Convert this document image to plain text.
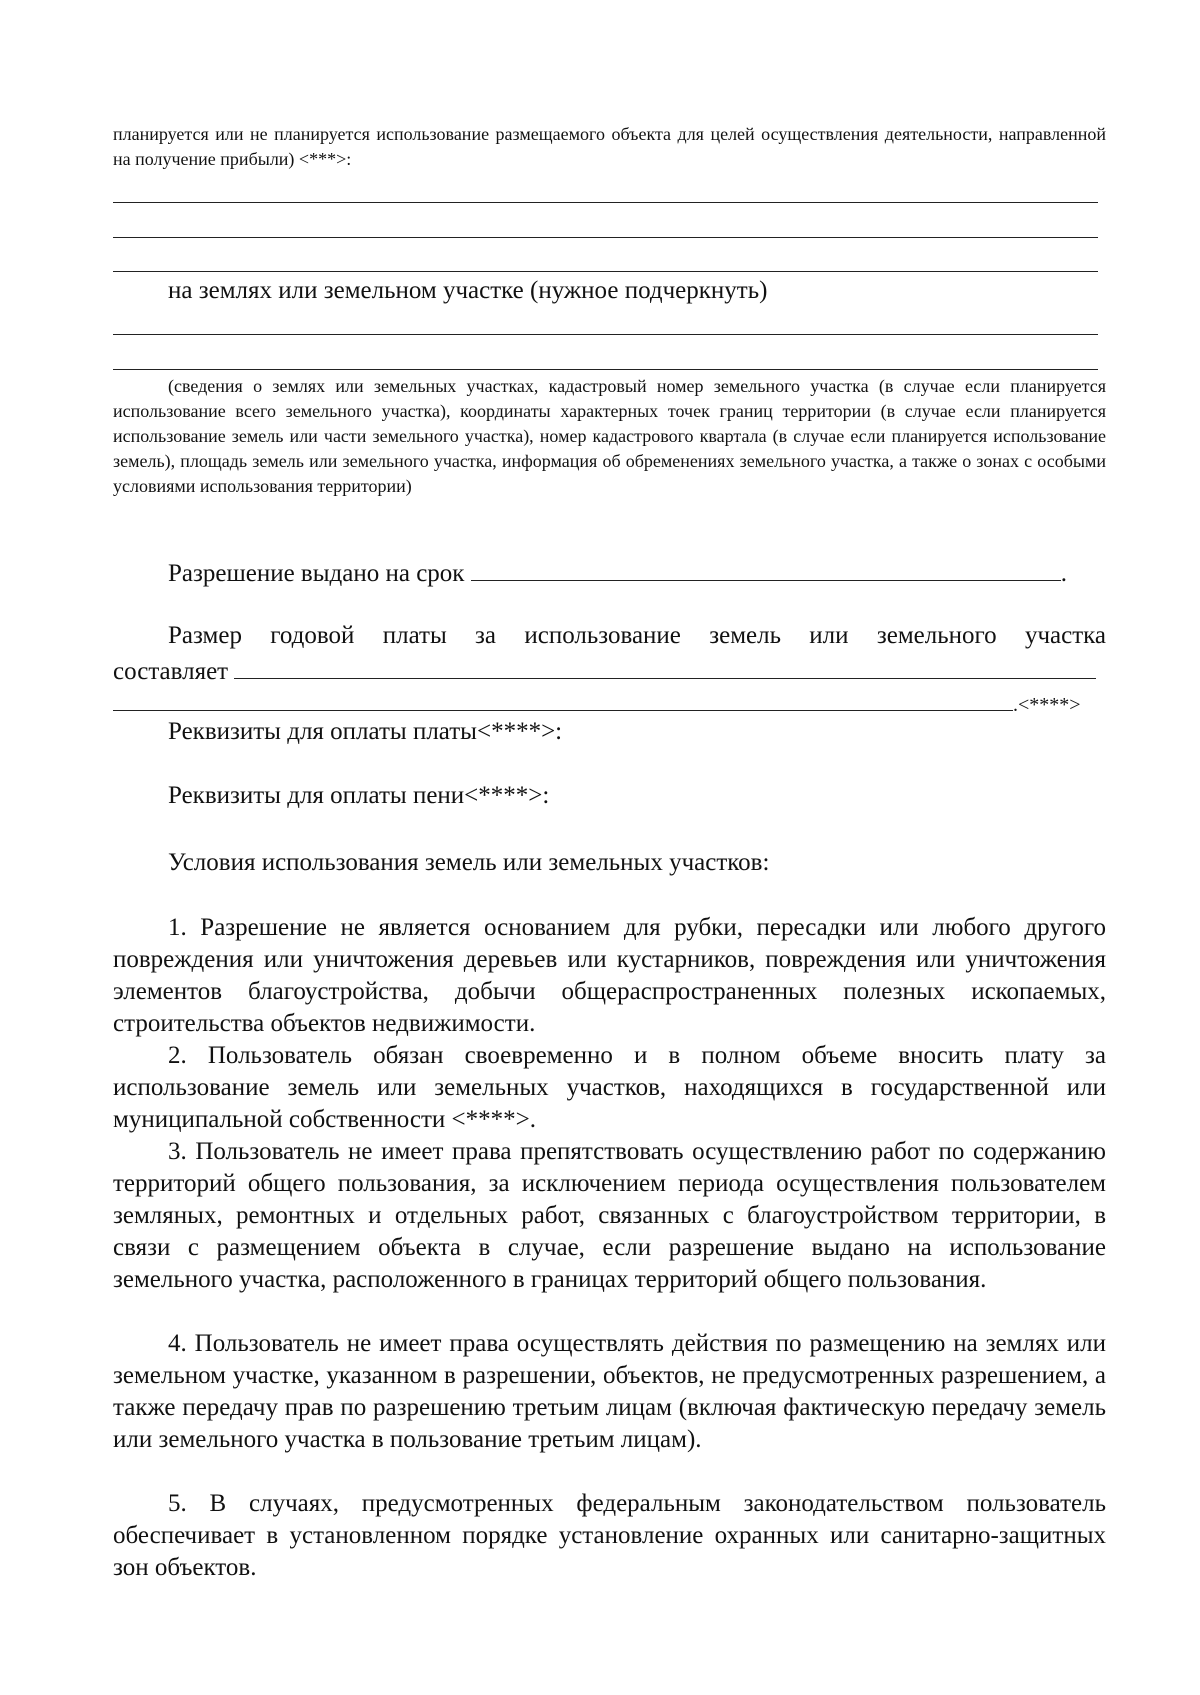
планируется или не планируется использование размещаемого объекта для целей осуществления деятельности, направленной на получение прибыли) <***>:
на землях или земельном участке (нужное подчеркнуть)
(сведения о землях или земельных участках, кадастровый номер земельного участка (в случае если планируется использование всего земельного участка), координаты характерных точек границ территории (в случае если планируется использование земель или части земельного участка), номер кадастрового квартала (в случае если планируется использование земель), площадь земель или земельного участка, информация об обременениях земельного участка, а также о зонах с особыми условиями использования территории)
Разрешение выдано на срок	.
Размер годовой платы за использование земель или земельного участка
составляет
.<****>
Реквизиты для оплаты платы<****>:
Реквизиты для оплаты пени<****>:
Условия использования земель или земельных участков:
1. Разрешение не является основанием для рубки, пересадки или любого другого повреждения или уничтожения деревьев или кустарников, повреждения или уничтожения элементов благоустройства, добычи общераспространенных полезных ископаемых, строительства объектов недвижимости.
2. Пользователь обязан своевременно и в полном объеме вносить плату за использование земель или земельных участков, находящихся в государственной или муниципальной собственности <****>.
3. Пользователь не имеет права препятствовать осуществлению работ по содержанию территорий общего пользования, за исключением периода осуществления пользователем земляных, ремонтных и отдельных работ, связанных с благоустройством территории, в связи с размещением объекта в случае, если разрешение выдано на использование земельного участка, расположенного в границах территорий общего пользования.
4. Пользователь не имеет права осуществлять действия по размещению на землях или земельном участке, указанном в разрешении, объектов, не предусмотренных разрешением, а также передачу прав по разрешению третьим лицам (включая фактическую передачу земель или земельного участка в пользование третьим лицам).
5. В случаях, предусмотренных федеральным законодательством пользователь обеспечивает в установленном порядке установление охранных или санитарно-защитных зон объектов.
